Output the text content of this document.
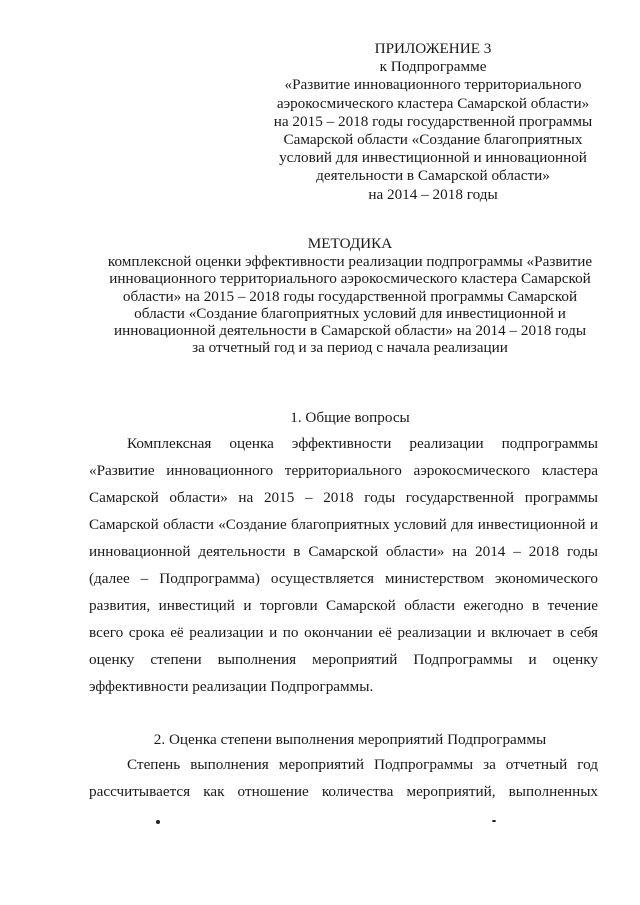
ПРИЛОЖЕНИЕ 3
к Подпрограмме
«Развитие инновационного территориального
аэрокосмического кластера Самарской области»
на 2015 – 2018 годы государственной программы
Самарской области «Создание благоприятных
условий для инвестиционной и инновационной
деятельности в Самарской области»
на 2014 – 2018 годы
МЕТОДИКА
комплексной оценки эффективности реализации подпрограммы «Развитие
инновационного территориального аэрокосмического кластера Самарской
области» на 2015 – 2018 годы государственной программы Самарской
области «Создание благоприятных условий для инвестиционной и
инновационной деятельности в Самарской области» на 2014 – 2018 годы
за отчетный год и за период с начала реализации
1. Общие вопросы
Комплексная оценка эффективности реализации подпрограммы
«Развитие инновационного территориального аэрокосмического кластера
Самарской области» на 2015 – 2018 годы государственной программы
Самарской области «Создание благоприятных условий для инвестиционной и
инновационной деятельности в Самарской области» на 2014 – 2018 годы
(далее – Подпрограмма) осуществляется министерством экономического
развития, инвестиций и торговли Самарской области ежегодно в течение
всего срока её реализации и по окончании её реализации и включает в себя
оценку степени выполнения мероприятий Подпрограммы и оценку
эффективности реализации Подпрограммы.
2. Оценка степени выполнения мероприятий Подпрограммы
Степень выполнения мероприятий Подпрограммы за отчетный год
рассчитывается как отношение количества мероприятий, выполненных
